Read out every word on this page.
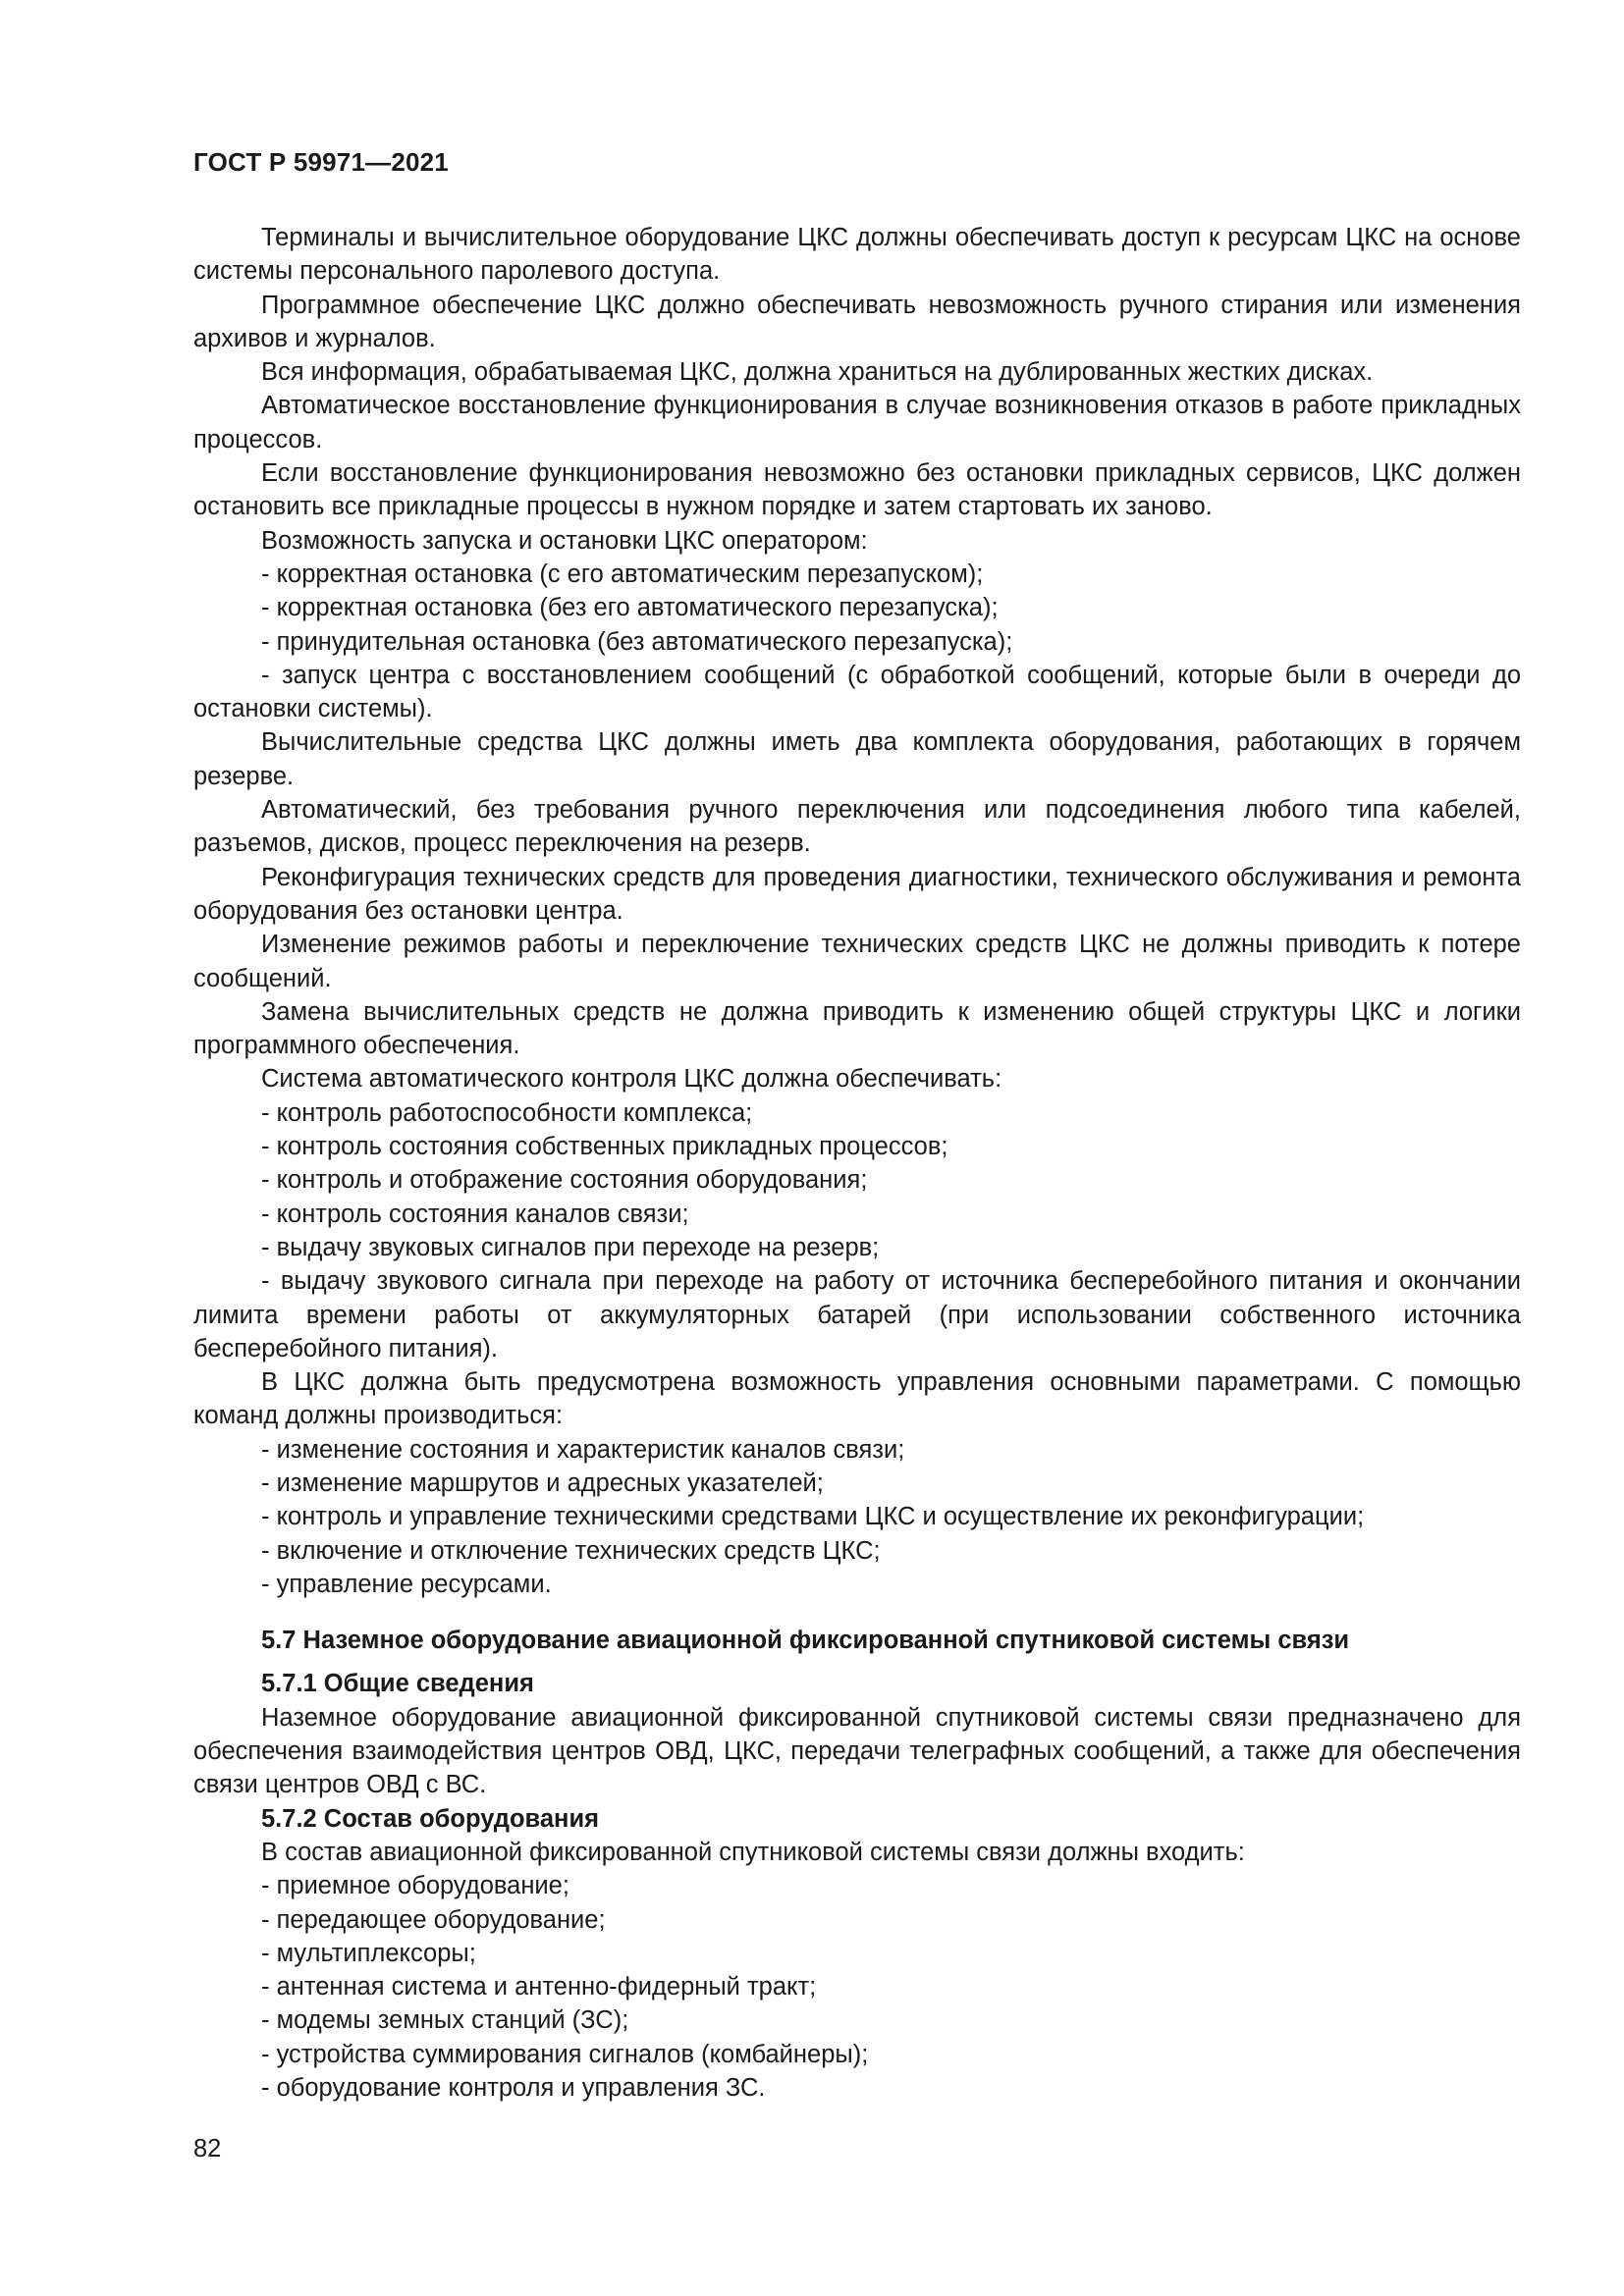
ГОСТ Р 59971—2021

Терминалы и вычислительное оборудование ЦКС должны обеспечивать доступ к ресурсам ЦКС на основе системы персонального паролевого доступа.

Программное обеспечение ЦКС должно обеспечивать невозможность ручного стирания или изменения архивов и журналов.

Вся информация, обрабатываемая ЦКС, должна храниться на дублированных жестких дисках.

Автоматическое восстановление функционирования в случае возникновения отказов в работе прикладных процессов.

Если восстановление функционирования невозможно без остановки прикладных сервисов, ЦКС должен остановить все прикладные процессы в нужном порядке и затем стартовать их заново.

Возможность запуска и остановки ЦКС оператором:

- корректная остановка (с его автоматическим перезапуском);

- корректная остановка (без его автоматического перезапуска);

- принудительная остановка (без автоматического перезапуска);

- запуск центра с восстановлением сообщений (с обработкой сообщений, которые были в очереди до остановки системы).

Вычислительные средства ЦКС должны иметь два комплекта оборудования, работающих в горячем резерве.

Автоматический, без требования ручного переключения или подсоединения любого типа кабелей, разъемов, дисков, процесс переключения на резерв.

Реконфигурация технических средств для проведения диагностики, технического обслуживания и ремонта оборудования без остановки центра.

Изменение режимов работы и переключение технических средств ЦКС не должны приводить к потере сообщений.

Замена вычислительных средств не должна приводить к изменению общей структуры ЦКС и логики программного обеспечения.

Система автоматического контроля ЦКС должна обеспечивать:

- контроль работоспособности комплекса;

- контроль состояния собственных прикладных процессов;

- контроль и отображение состояния оборудования;

- контроль состояния каналов связи;

- выдачу звуковых сигналов при переходе на резерв;

- выдачу звукового сигнала при переходе на работу от источника бесперебойного питания и окончании лимита времени работы от аккумуляторных батарей (при использовании собственного источника бесперебойного питания).

В ЦКС должна быть предусмотрена возможность управления основными параметрами. С помощью команд должны производиться:

- изменение состояния и характеристик каналов связи;

- изменение маршрутов и адресных указателей;

- контроль и управление техническими средствами ЦКС и осуществление их реконфигурации;

- включение и отключение технических средств ЦКС;

- управление ресурсами.

5.7 Наземное оборудование авиационной фиксированной спутниковой системы связи

5.7.1 Общие сведения

Наземное оборудование авиационной фиксированной спутниковой системы связи предназначено для обеспечения взаимодействия центров ОВД, ЦКС, передачи телеграфных сообщений, а также для обеспечения связи центров ОВД с ВС.

5.7.2 Состав оборудования

В состав авиационной фиксированной спутниковой системы связи должны входить:

- приемное оборудование;

- передающее оборудование;

- мультиплексоры;

- антенная система и антенно-фидерный тракт;

- модемы земных станций (ЗС);

- устройства суммирования сигналов (комбайнеры);

- оборудование контроля и управления ЗС.

82
